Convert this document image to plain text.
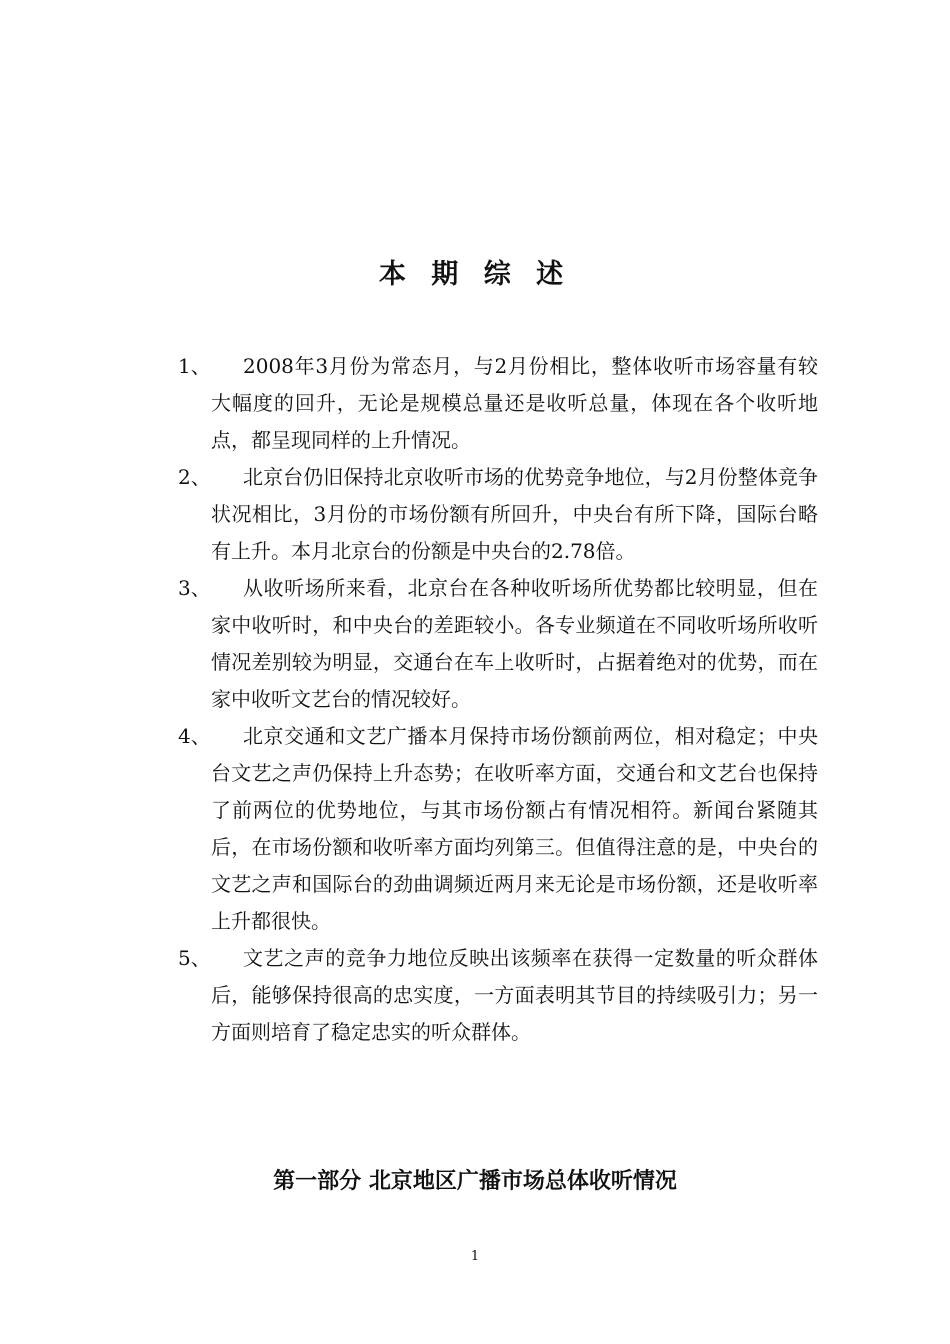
本 期 综 述
1、	2008年3月份为常态月，与2月份相比，整体收听市场容量有较大幅度的回升，无论是规模总量还是收听总量，体现在各个收听地点，都呈现同样的上升情况。
2、	北京台仍旧保持北京收听市场的优势竞争地位，与2月份整体竞争状况相比，3月份的市场份额有所回升，中央台有所下降，国际台略有上升。本月北京台的份额是中央台的2.78倍。
3、	从收听场所来看，北京台在各种收听场所优势都比较明显，但在家中收听时，和中央台的差距较小。各专业频道在不同收听场所收听情况差别较为明显，交通台在车上收听时，占据着绝对的优势，而在家中收听文艺台的情况较好。
4、	北京交通和文艺广播本月保持市场份额前两位，相对稳定；中央台文艺之声仍保持上升态势；在收听率方面，交通台和文艺台也保持了前两位的优势地位，与其市场份额占有情况相符。新闻台紧随其后，在市场份额和收听率方面均列第三。但值得注意的是，中央台的文艺之声和国际台的劲曲调频近两月来无论是市场份额，还是收听率上升都很快。
5、	文艺之声的竞争力地位反映出该频率在获得一定数量的听众群体后，能够保持很高的忠实度，一方面表明其节目的持续吸引力；另一方面则培育了稳定忠实的听众群体。
第一部分 北京地区广播市场总体收听情况
1
